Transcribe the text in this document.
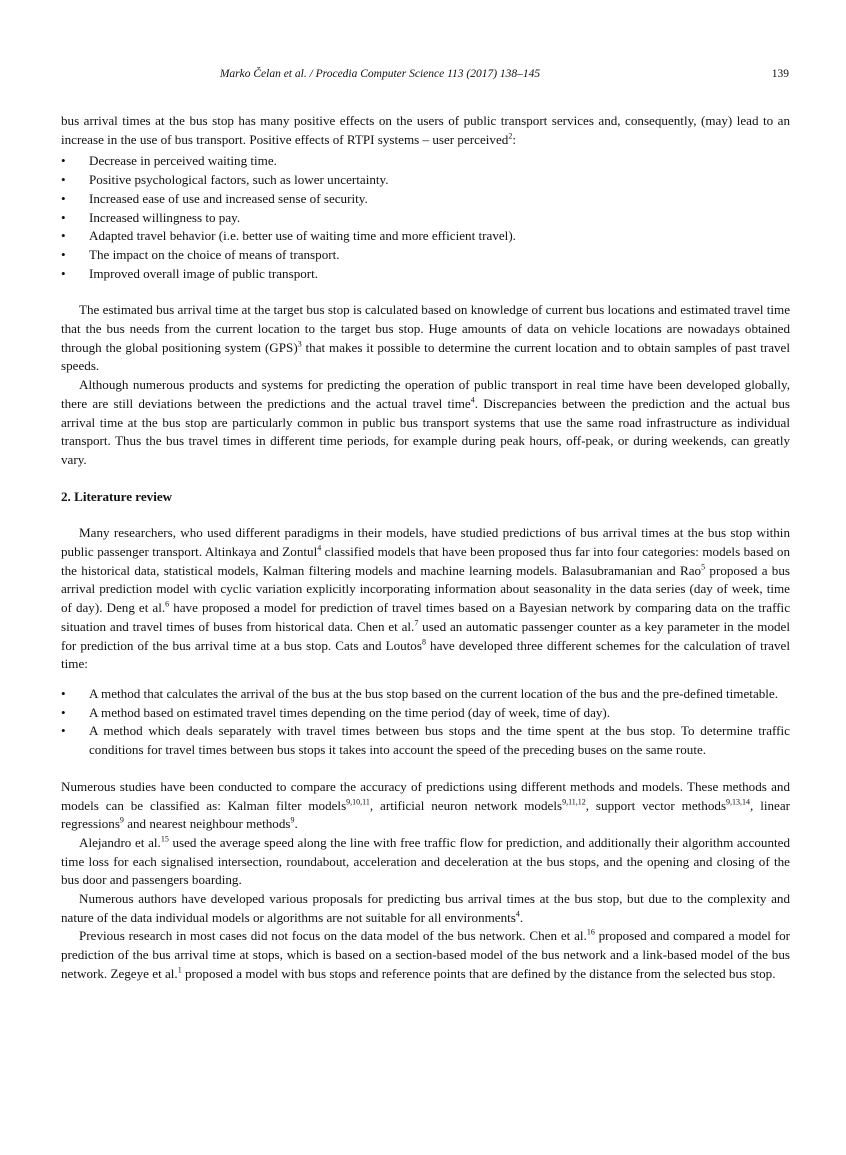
Marko Čelan et al. / Procedia Computer Science 113 (2017) 138–145	139

bus arrival times at the bus stop has many positive effects on the users of public transport services and, consequently, (may) lead to an increase in the use of bus transport. Positive effects of RTPI systems – user perceived$^2$:

• Decrease in perceived waiting time.
• Positive psychological factors, such as lower uncertainty.
• Increased ease of use and increased sense of security.
• Increased willingness to pay.
• Adapted travel behavior (i.e. better use of waiting time and more efficient travel).
• The impact on the choice of means of transport.
• Improved overall image of public transport.

The estimated bus arrival time at the target bus stop is calculated based on knowledge of current bus locations and estimated travel time that the bus needs from the current location to the target bus stop. Huge amounts of data on vehicle locations are nowadays obtained through the global positioning system (GPS)$^3$ that makes it possible to determine the current location and to obtain samples of past travel speeds.

Although numerous products and systems for predicting the operation of public transport in real time have been developed globally, there are still deviations between the predictions and the actual travel time$^4$. Discrepancies between the prediction and the actual bus arrival time at the bus stop are particularly common in public bus transport systems that use the same road infrastructure as individual transport. Thus the bus travel times in different time periods, for example during peak hours, off-peak, or during weekends, can greatly vary.

2. Literature review

Many researchers, who used different paradigms in their models, have studied predictions of bus arrival times at the bus stop within public passenger transport. Altinkaya and Zontul$^4$ classified models that have been proposed thus far into four categories: models based on the historical data, statistical models, Kalman filtering models and machine learning models. Balasubramanian and Rao$^5$ proposed a bus arrival prediction model with cyclic variation explicitly incorporating information about seasonality in the data series (day of week, time of day). Deng et al.$^6$ have proposed a model for prediction of travel times based on a Bayesian network by comparing data on the traffic situation and travel times of buses from historical data. Chen et al.$^7$ used an automatic passenger counter as a key parameter in the model for prediction of the bus arrival time at a bus stop. Cats and Loutos$^8$ have developed three different schemes for the calculation of travel time:

• A method that calculates the arrival of the bus at the bus stop based on the current location of the bus and the pre-defined timetable.
• A method based on estimated travel times depending on the time period (day of week, time of day).
• A method which deals separately with travel times between bus stops and the time spent at the bus stop. To determine traffic conditions for travel times between bus stops it takes into account the speed of the preceding buses on the same route.

Numerous studies have been conducted to compare the accuracy of predictions using different methods and models. These methods and models can be classified as: Kalman filter models$^{9,10,11}$, artificial neuron network models$^{9,11,12}$, support vector methods$^{9,13,14}$, linear regressions$^9$ and nearest neighbour methods$^9$.

Alejandro et al.$^{15}$ used the average speed along the line with free traffic flow for prediction, and additionally their algorithm accounted time loss for each signalised intersection, roundabout, acceleration and deceleration at the bus stops, and the opening and closing of the bus door and passengers boarding.

Numerous authors have developed various proposals for predicting bus arrival times at the bus stop, but due to the complexity and nature of the data individual models or algorithms are not suitable for all environments$^4$.

Previous research in most cases did not focus on the data model of the bus network. Chen et al.$^{16}$ proposed and compared a model for prediction of the bus arrival time at stops, which is based on a section-based model of the bus network and a link-based model of the bus network. Zegeye et al.$^1$ proposed a model with bus stops and reference points that are defined by the distance from the selected bus stop.
